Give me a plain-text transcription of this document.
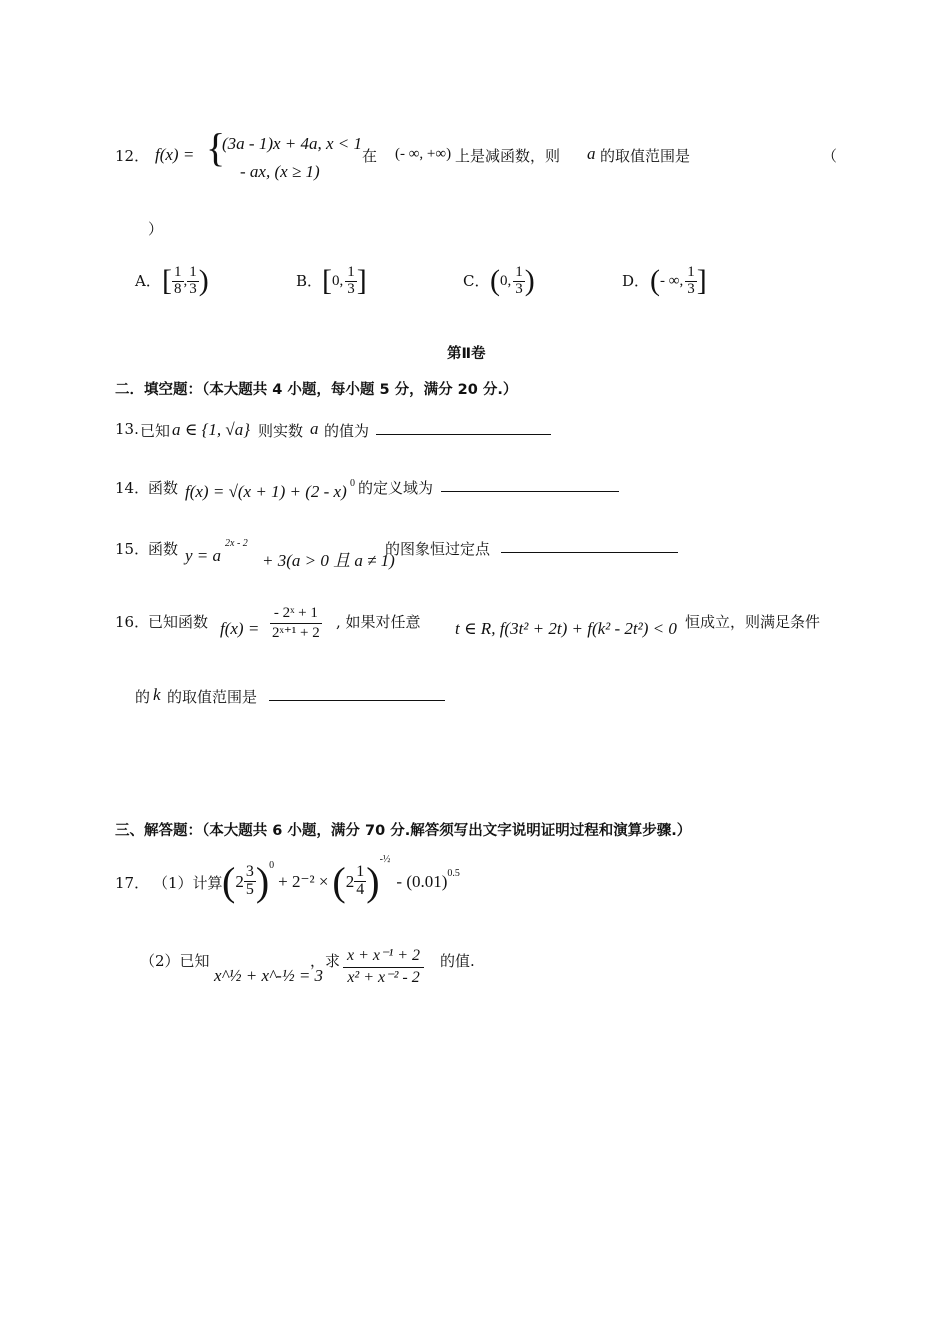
12． f(x) = {
(3a - 1)x + 4a, x < 1
- ax, (x ≥ 1)
在 (- ∞, +∞) 上是减函数，则 a 的取值范围是	（
）
A． [ $\frac{1}{8}$ , $\frac{1}{3}$ )	B． [ 0, $\frac{1}{3}$ ]	C． ( 0, $\frac{1}{3}$ )	D． ( - ∞, $\frac{1}{3}$ ]
第Ⅱ卷
二．填空题：（本大题共 4 小题，每小题 5 分，满分 20 分.）
13. 已知 a ∈ {1, √a} 则实数 a 的值为
14．
函数 f(x) = √(x + 1) + (2 - x) 0 的定义域为
15．
函数 y = a
2x - 2
+ 3(a > 0 且 a ≠ 1)
的图象恒过定点
16．
已知函数 $f(x) = \frac{\text{- 2ˣ + 1}}{\text{2ˣ⁺¹ + 2}}$ , 如果对任意 t ∈ R, f(3t² + 2t) + f(k² - 2t²) < 0 恒成立，则满足条件
的 k 的取值范围是
三、解答题：（本大题共 6 小题，满分 70 分.解答须写出文字说明证明过程和演算步骤.）
17． （1）计算 ( $2 \frac{3}{5}$ ) 0
+ 2⁻² × ( $2 \frac{1}{4}$ ) -½
- (0.01) 0.5
（2）已知
x^½ + x^-½ = 3
，求 $\frac{\text{x + x⁻¹ + 2}}{\text{x² + x⁻² - 2}}$ 的值.
